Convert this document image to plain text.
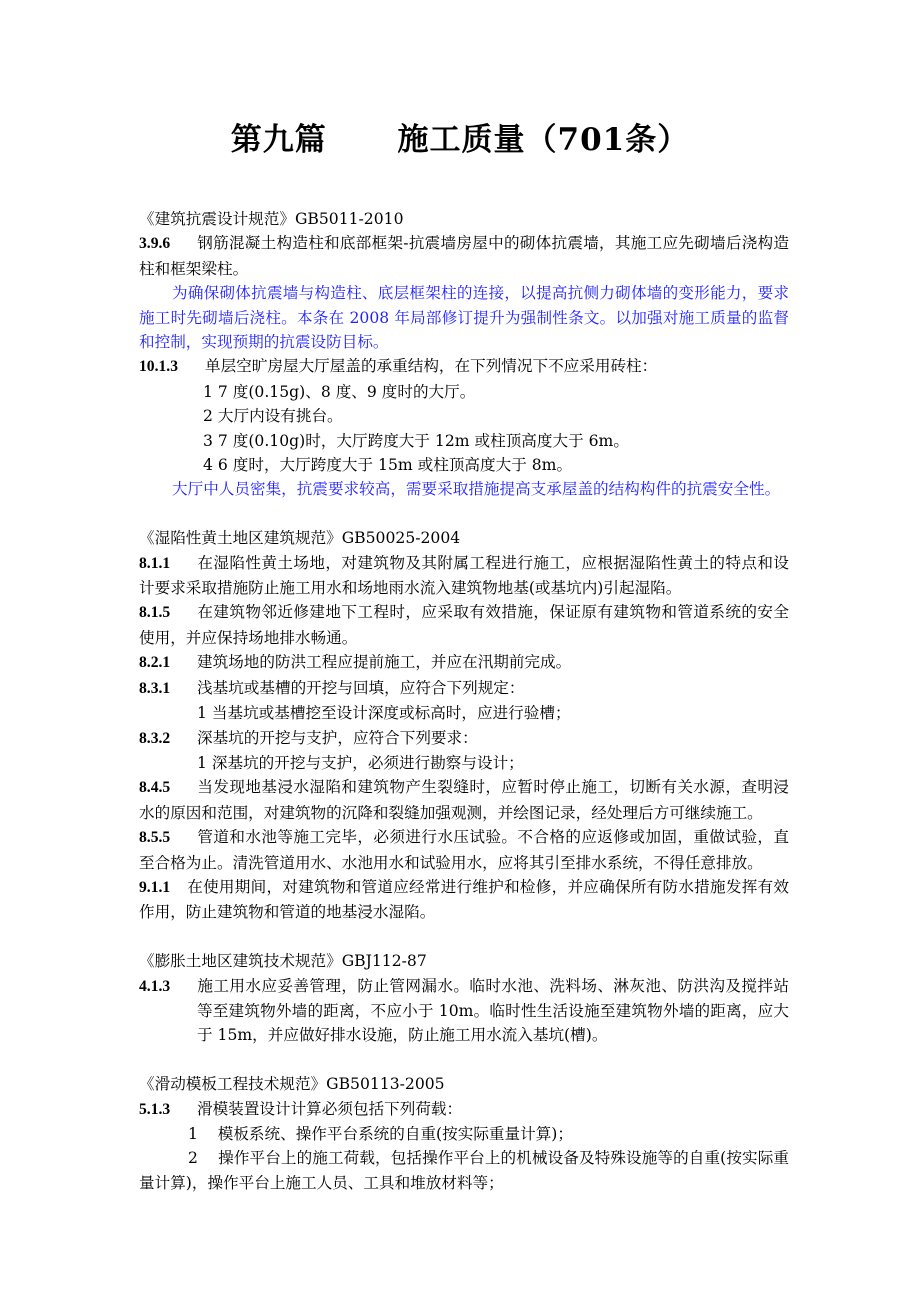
第九篇      施工质量（701条）

《建筑抗震设计规范》GB5011-2010

3.9.6 钢筋混凝土构造柱和底部框架-抗震墙房屋中的砌体抗震墙，其施工应先砌墙后浇构造柱和框架梁柱。

为确保砌体抗震墙与构造柱、底层框架柱的连接，以提高抗侧力砌体墙的变形能力，要求施工时先砌墙后浇柱。本条在 2008 年局部修订提升为强制性条文。以加强对施工质量的监督和控制，实现预期的抗震设防目标。

10.1.3 单层空旷房屋大厅屋盖的承重结构，在下列情况下不应采用砖柱：

1 7 度(0.15g)、8 度、9 度时的大厅。

2 大厅内设有挑台。

3 7 度(0.10g)时，大厅跨度大于 12m 或柱顶高度大于 6m。

4 6 度时，大厅跨度大于 15m 或柱顶高度大于 8m。

大厅中人员密集，抗震要求较高，需要采取措施提高支承屋盖的结构构件的抗震安全性。

《湿陷性黄土地区建筑规范》GB50025-2004

8.1.1 在湿陷性黄土场地，对建筑物及其附属工程进行施工，应根据湿陷性黄土的特点和设计要求采取措施防止施工用水和场地雨水流入建筑物地基(或基坑内)引起湿陷。

8.1.5 在建筑物邻近修建地下工程时，应采取有效措施，保证原有建筑物和管道系统的安全使用，并应保持场地排水畅通。

8.2.1 建筑场地的防洪工程应提前施工，并应在汛期前完成。

8.3.1 浅基坑或基槽的开挖与回填，应符合下列规定：

1 当基坑或基槽挖至设计深度或标高时，应进行验槽；

8.3.2 深基坑的开挖与支护，应符合下列要求：

1 深基坑的开挖与支护，必须进行勘察与设计；

8.4.5 当发现地基浸水湿陷和建筑物产生裂缝时，应暂时停止施工，切断有关水源，查明浸水的原因和范围，对建筑物的沉降和裂缝加强观测，并绘图记录，经处理后方可继续施工。

8.5.5 管道和水池等施工完毕，必须进行水压试验。不合格的应返修或加固，重做试验，直至合格为止。清洗管道用水、水池用水和试验用水，应将其引至排水系统，不得任意排放。

9.1.1 在使用期间，对建筑物和管道应经常进行维护和检修，并应确保所有防水措施发挥有效作用，防止建筑物和管道的地基浸水湿陷。

《膨胀土地区建筑技术规范》GBJ112-87

4.1.3 施工用水应妥善管理，防止管网漏水。临时水池、洗料场、淋灰池、防洪沟及搅拌站等至建筑物外墙的距离，不应小于 10m。临时性生活设施至建筑物外墙的距离，应大于 15m，并应做好排水设施，防止施工用水流入基坑(槽)。

《滑动模板工程技术规范》GB50113-2005

5.1.3 滑模装置设计计算必须包括下列荷载：

1    模板系统、操作平台系统的自重(按实际重量计算)；

2    操作平台上的施工荷载，包括操作平台上的机械设备及特殊设施等的自重(按实际重量计算)，操作平台上施工人员、工具和堆放材料等；
